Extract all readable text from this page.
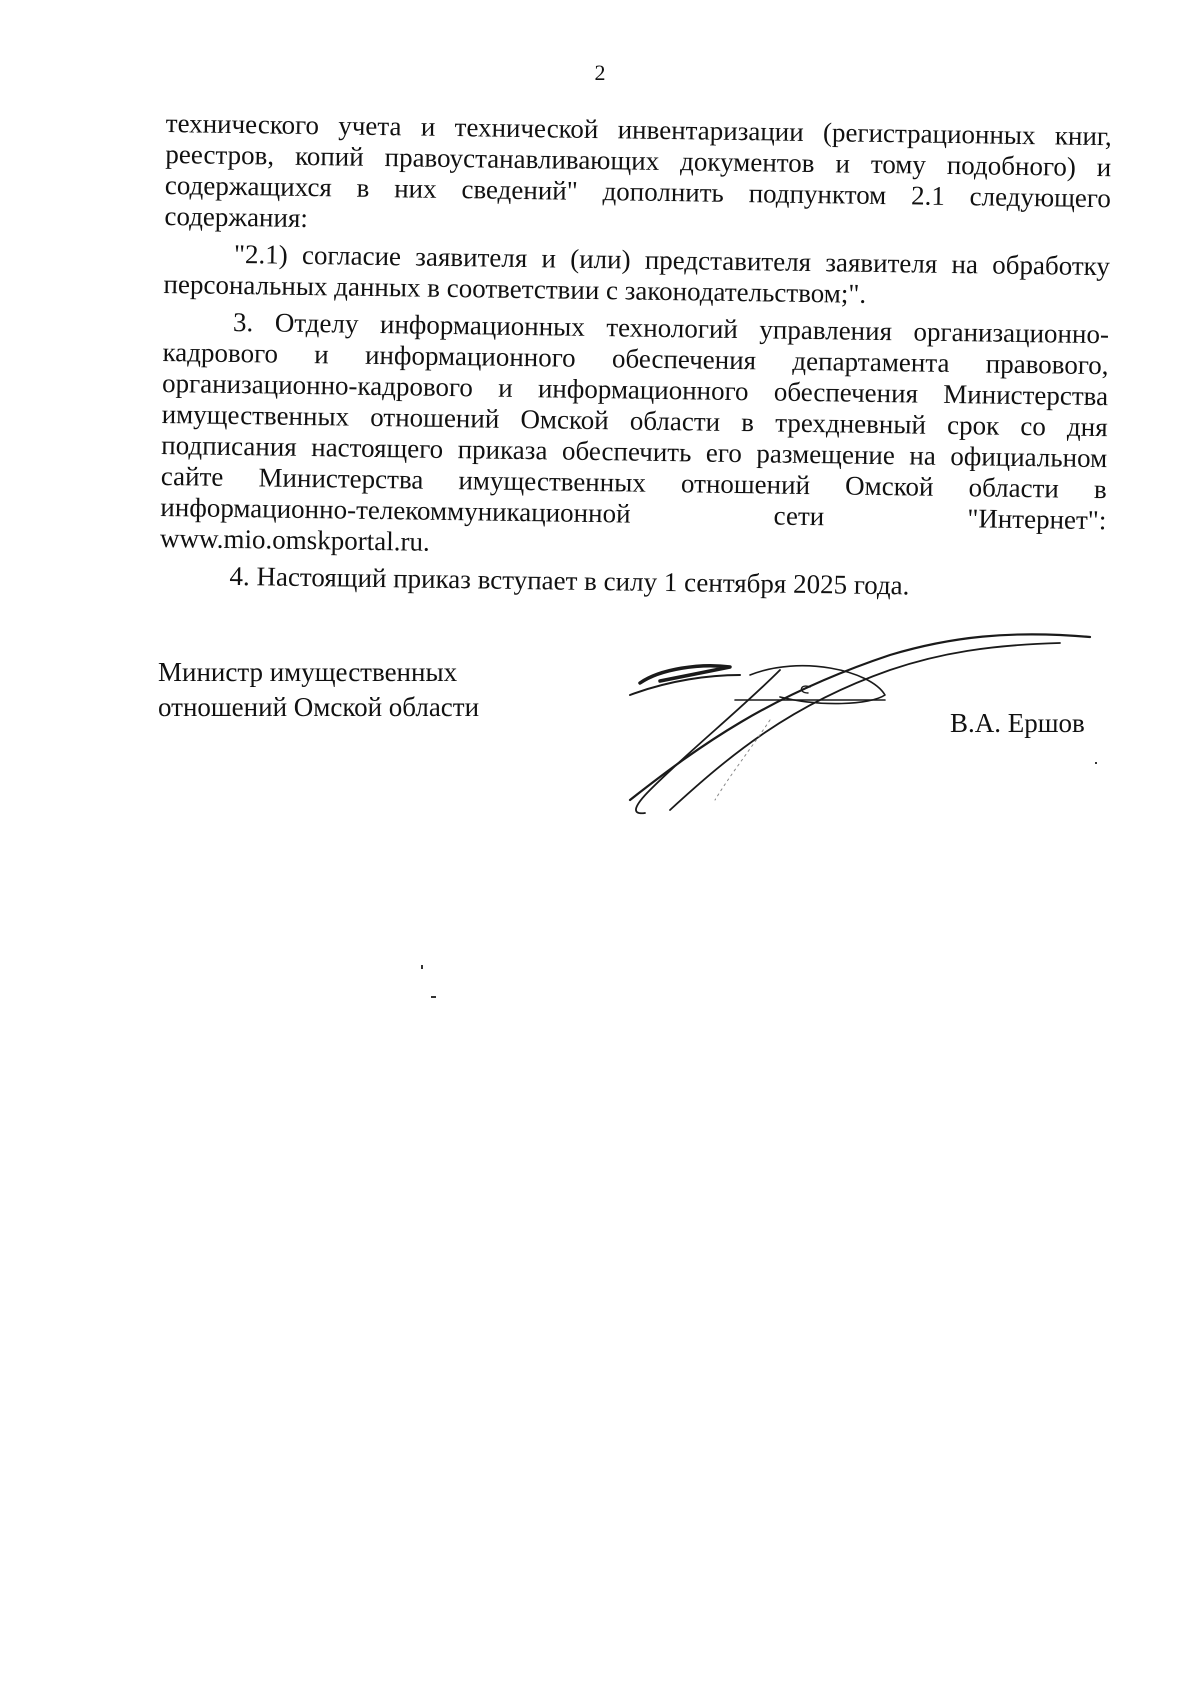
2

технического учета и технической инвентаризации (регистрационных книг, реестров, копий правоустанавливающих документов и тому подобного) и содержащихся в них сведений" дополнить подпунктом 2.1 следующего содержания:

"2.1) согласие заявителя и (или) представителя заявителя на обработку персональных данных в соответствии с законодательством;".

3. Отделу информационных технологий управления организационно-кадрового и информационного обеспечения департамента правового, организационно-кадрового и информационного обеспечения Министерства имущественных отношений Омской области в трехдневный срок со дня подписания настоящего приказа обеспечить его размещение на официальном сайте Министерства имущественных отношений Омской области в информационно-телекоммуникационной сети "Интернет": www.mio.omskportal.ru.

4. Настоящий приказ вступает в силу 1 сентября 2025 года.

Министр имущественных
отношений Омской области
В.А. Ершов
